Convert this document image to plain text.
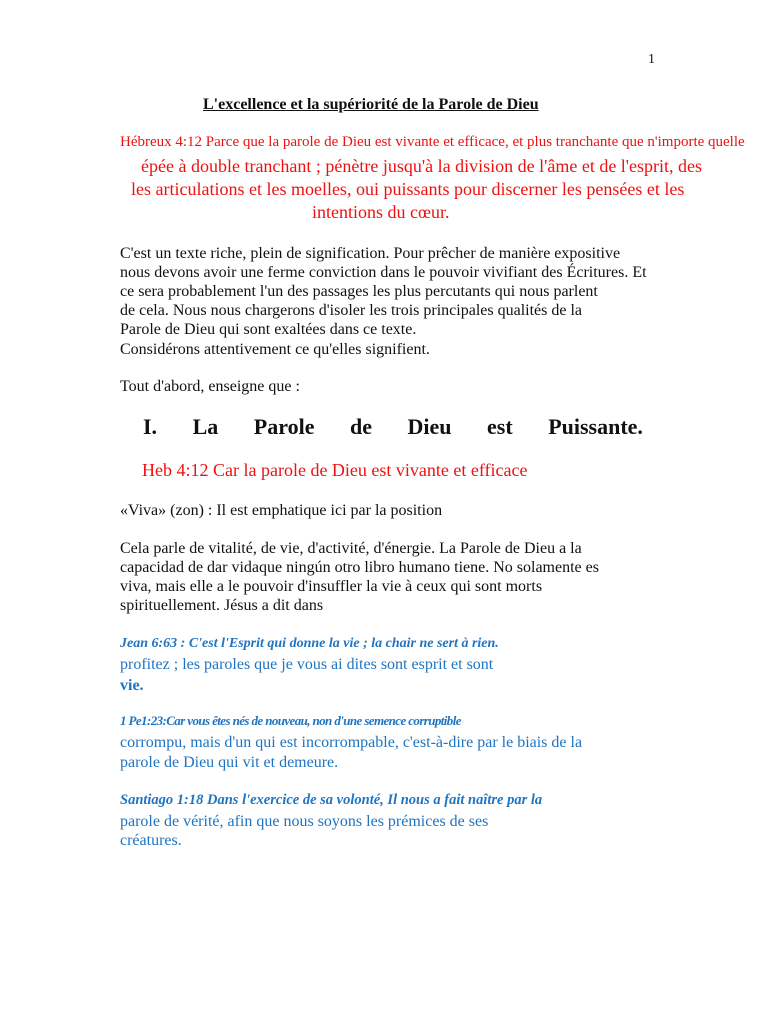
1
L'excellence et la supériorité de la Parole de Dieu
Hébreux 4:12 Parce que la parole de Dieu est vivante et efficace, et plus tranchante que n'importe quelle
épée à double tranchant ; pénètre jusqu'à la division de l'âme et de l'esprit, des
les articulations et les moelles, oui puissants pour discerner les pensées et les
intentions du cœur.
C'est un texte riche, plein de signification. Pour prêcher de manière expositive
nous devons avoir une ferme conviction dans le pouvoir vivifiant des Écritures. Et
ce sera probablement l'un des passages les plus percutants qui nous parlent
de cela. Nous nous chargerons d'isoler les trois principales qualités de la
Parole de Dieu qui sont exaltées dans ce texte.
Considérons attentivement ce qu'elles signifient.
Tout d'abord, enseigne que :
I. La Parole de Dieu est Puissante.
Heb 4:12 Car la parole de Dieu est vivante et efficace
«Viva» (zon) : Il est emphatique ici par la position
Cela parle de vitalité, de vie, d'activité, d'énergie. La Parole de Dieu a la
capacidad de dar vidaque ningún otro libro humano tiene. No solamente es
viva, mais elle a le pouvoir d'insuffler la vie à ceux qui sont morts
spirituellement. Jésus a dit dans
Jean 6:63 : C'est l'Esprit qui donne la vie ; la chair ne sert à rien.
profitez ; les paroles que je vous ai dites sont esprit et sont
vie.
1 Pe1:23:Car vous êtes nés de nouveau, non d'une semence corruptible
corrompu, mais d'un qui est incorrompable, c'est-à-dire par le biais de la
parole de Dieu qui vit et demeure.
Santiago 1:18 Dans l'exercice de sa volonté, Il nous a fait naître par la
parole de vérité, afin que nous soyons les prémices de ses
créatures.
